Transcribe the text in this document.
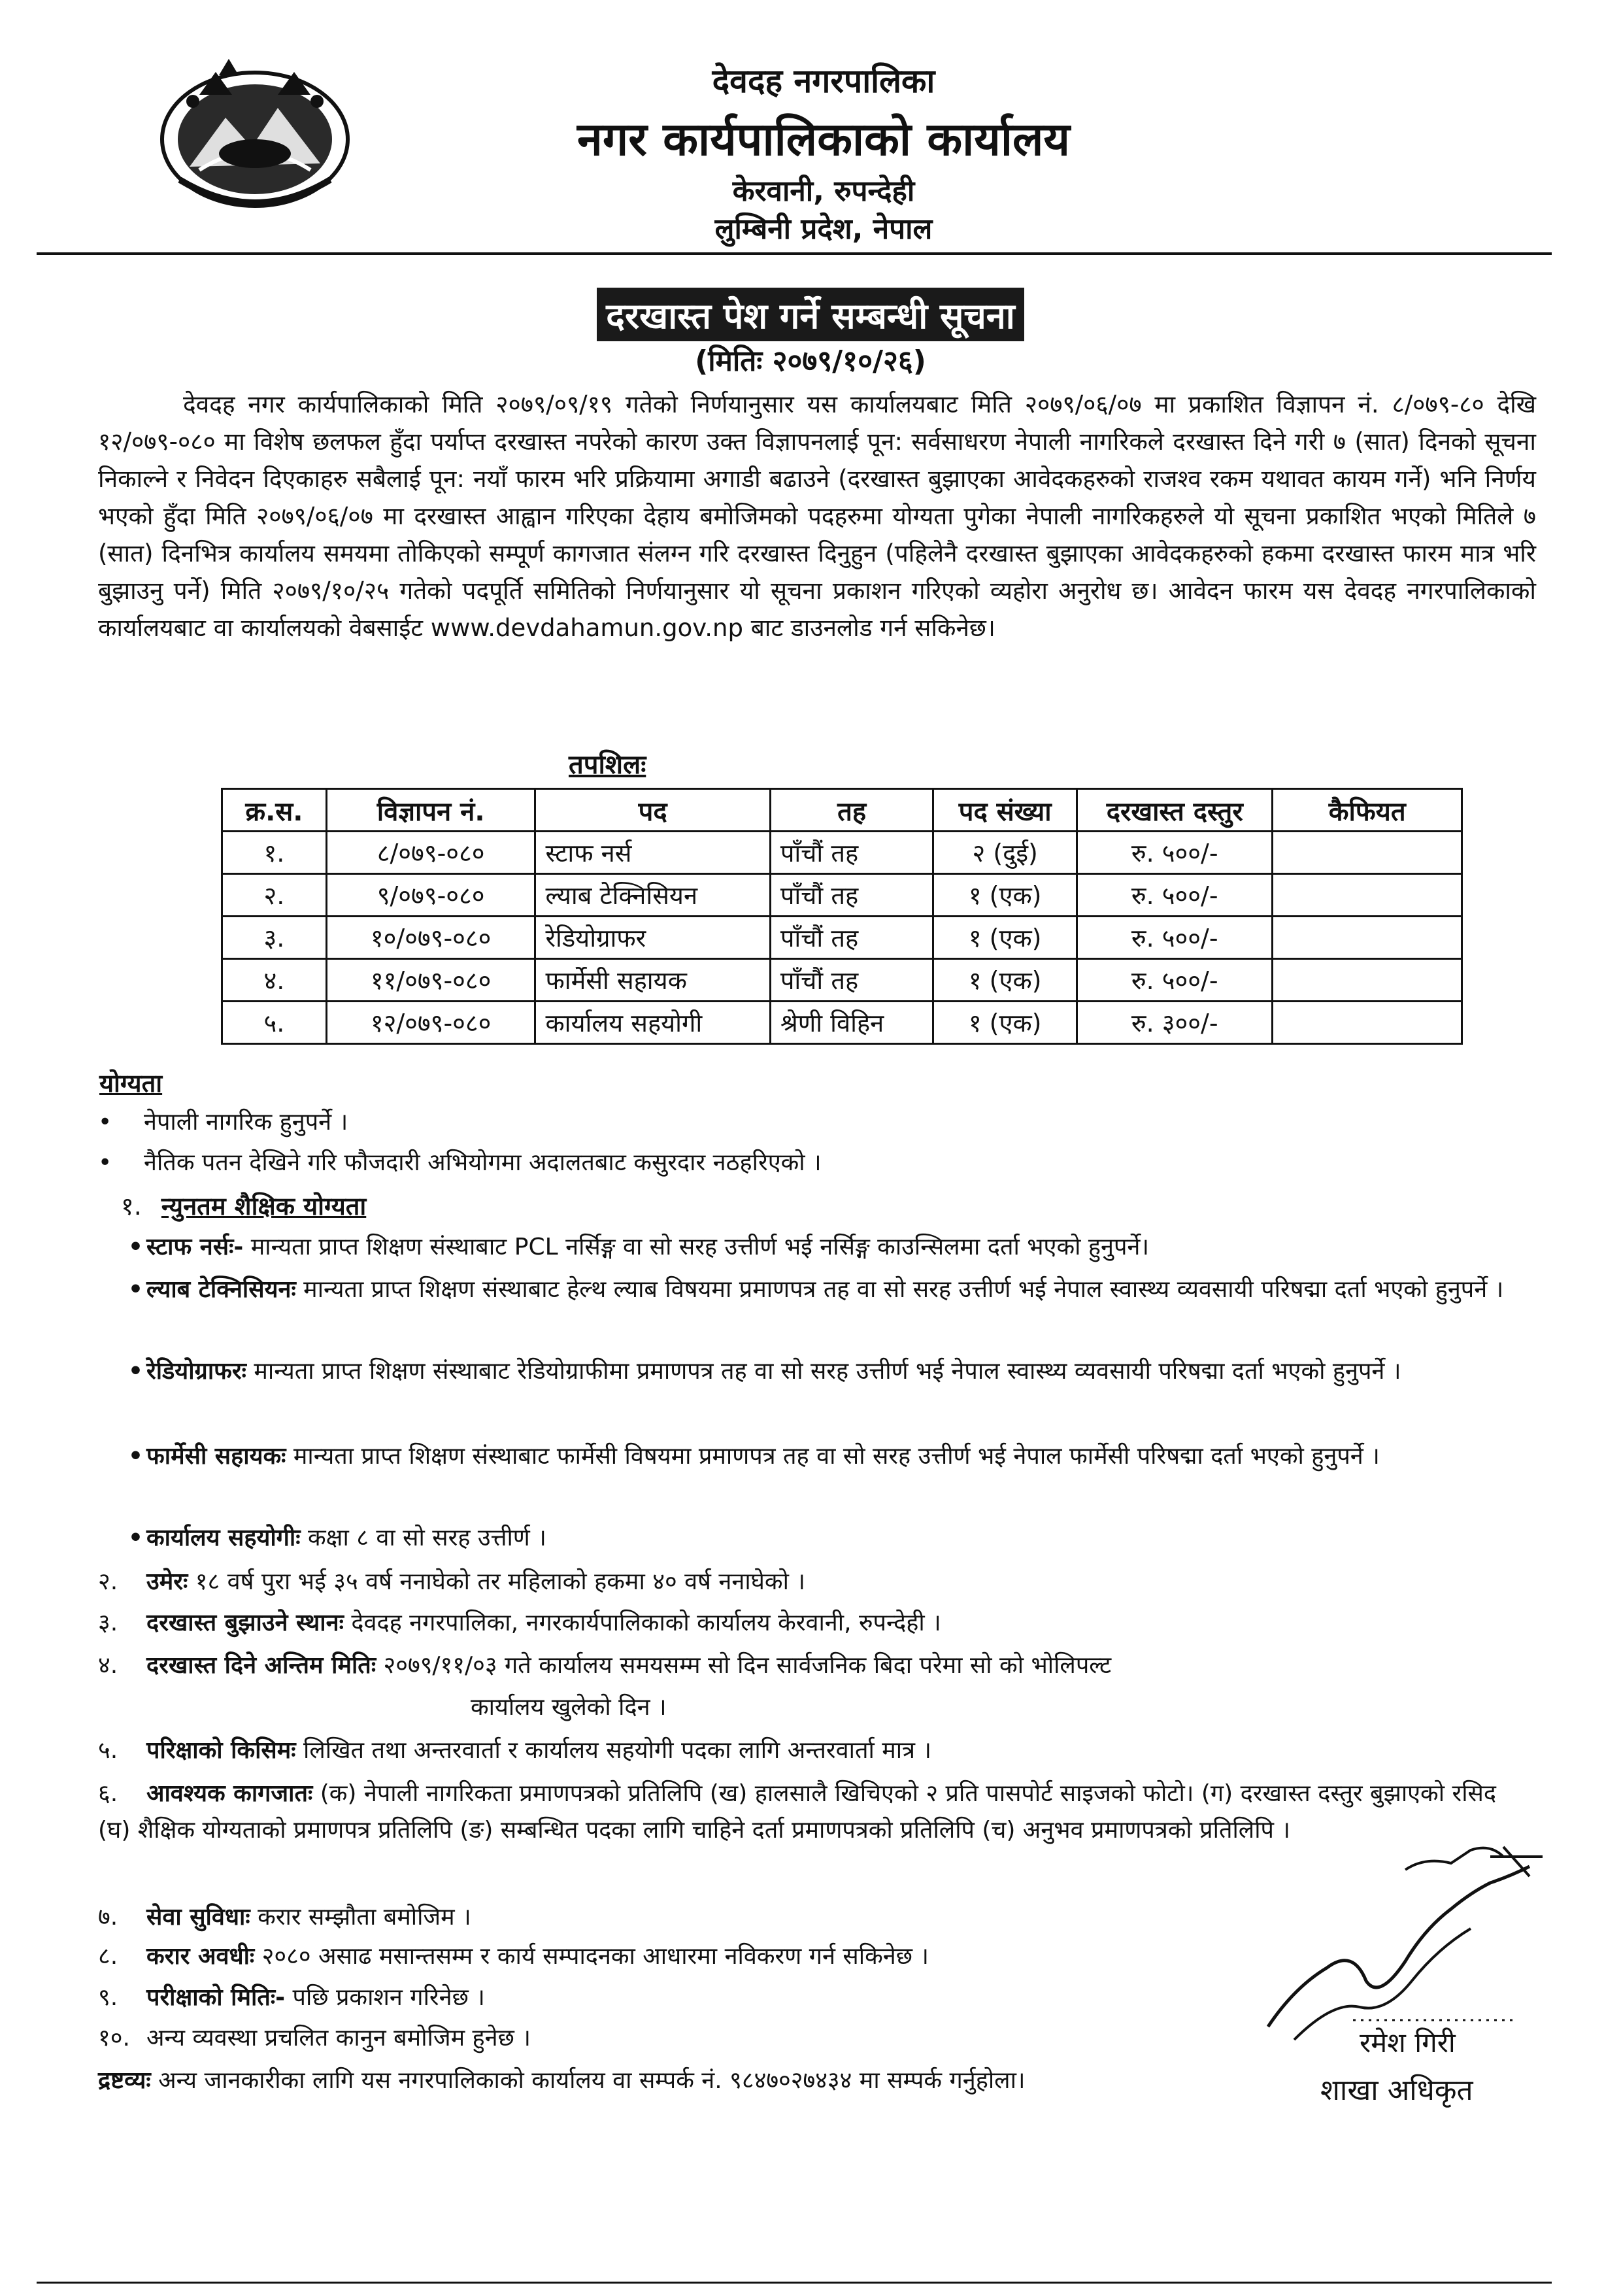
देवदह नगरपालिका
नगर कार्यपालिकाको कार्यालय
केरवानी, रुपन्देही
लुम्बिनी प्रदेश, नेपाल
दरखास्त पेश गर्ने सम्बन्धी सूचना
(मितिः २०७९/१०/२६)
देवदह नगर कार्यपालिकाको मिति २०७९/०९/१९ गतेको निर्णयानुसार यस कार्यालयबाट मिति २०७९/०६/०७ मा प्रकाशित विज्ञापन नं. ८/०७९-८० देखि १२/०७९-०८० मा विशेष छलफल हुँदा पर्याप्त दरखास्त नपरेको कारण उक्त विज्ञापनलाई पून: सर्वसाधरण नेपाली नागरिकले दरखास्त दिने गरी ७ (सात) दिनको सूचना निकाल्ने र निवेदन दिएकाहरु सबैलाई पून: नयाँ फारम भरि प्रक्रियामा अगाडी बढाउने (दरखास्त बुझाएका आवेदकहरुको राजश्व रकम यथावत कायम गर्ने) भनि निर्णय भएको हुँदा मिति २०७९/०६/०७ मा दरखास्त आह्वान गरिएका देहाय बमोजिमको पदहरुमा योग्यता पुगेका नेपाली नागरिकहरुले यो सूचना प्रकाशित भएको मितिले ७ (सात) दिनभित्र कार्यालय समयमा तोकिएको सम्पूर्ण कागजात संलग्न गरि दरखास्त दिनुहुन (पहिलेनै दरखास्त बुझाएका आवेदकहरुको हकमा दरखास्त फारम मात्र भरि बुझाउनु पर्ने) मिति २०७९/१०/२५ गतेको पदपूर्ति समितिको निर्णयानुसार यो सूचना प्रकाशन गरिएको व्यहोरा अनुरोध छ। आवेदन फारम यस देवदह नगरपालिकाको कार्यालयबाट वा कार्यालयको वेबसाईट www.devdahamun.gov.np बाट डाउनलोड गर्न सकिनेछ।
तपशिलः
क्र.स.	विज्ञापन नं.	पद	तह	पद संख्या	दरखास्त दस्तुर	कैफियत
१.	८/०७९-०८०	स्टाफ नर्स	पाँचौं तह	२ (दुई)	रु. ५००/-	
२.	९/०७९-०८०	ल्याब टेक्निसियन	पाँचौं तह	१ (एक)	रु. ५००/-	
३.	१०/०७९-०८०	रेडियोग्राफर	पाँचौं तह	१ (एक)	रु. ५००/-	
४.	११/०७९-०८०	फार्मेसी सहायक	पाँचौं तह	१ (एक)	रु. ५००/-	
५.	१२/०७९-०८०	कार्यालय सहयोगी	श्रेणी विहिन	१ (एक)	रु. ३००/-	
योग्यता
• नेपाली नागरिक हुनुपर्ने ।
• नैतिक पतन देखिने गरि फौजदारी अभियोगमा अदालतबाट कसुरदार नठहरिएको ।
१. न्युनतम शैक्षिक योग्यता
• स्टाफ नर्सः- मान्यता प्राप्त शिक्षण संस्थाबाट PCL नर्सिङ्ग वा सो सरह उत्तीर्ण भई नर्सिङ्ग काउन्सिलमा दर्ता भएको हुनुपर्ने।
• ल्याब टेक्निसियनः मान्यता प्राप्त शिक्षण संस्थाबाट हेल्थ ल्याब विषयमा प्रमाणपत्र तह वा सो सरह उत्तीर्ण भई नेपाल स्वास्थ्य व्यवसायी परिषद्मा दर्ता भएको हुनुपर्ने ।
• रेडियोग्राफरः मान्यता प्राप्त शिक्षण संस्थाबाट रेडियोग्राफीमा प्रमाणपत्र तह वा सो सरह उत्तीर्ण भई नेपाल स्वास्थ्य व्यवसायी परिषद्मा दर्ता भएको हुनुपर्ने ।
• फार्मेसी सहायकः मान्यता प्राप्त शिक्षण संस्थाबाट फार्मेसी विषयमा प्रमाणपत्र तह वा सो सरह उत्तीर्ण भई नेपाल फार्मेसी परिषद्मा दर्ता भएको हुनुपर्ने ।
• कार्यालय सहयोगीः कक्षा ८ वा सो सरह उत्तीर्ण ।
२. उमेरः १८ वर्ष पुरा भई ३५ वर्ष ननाघेको तर महिलाको हकमा ४० वर्ष ननाघेको ।
३. दरखास्त बुझाउने स्थानः देवदह नगरपालिका, नगरकार्यपालिकाको कार्यालय केरवानी, रुपन्देही ।
४. दरखास्त दिने अन्तिम मितिः २०७९/११/०३ गते कार्यालय समयसम्म सो दिन सार्वजनिक बिदा परेमा सो को भोलिपल्ट
कार्यालय खुलेको दिन ।
५. परिक्षाको किसिमः लिखित तथा अन्तरवार्ता र कार्यालय सहयोगी पदका लागि अन्तरवार्ता मात्र ।
६. आवश्यक कागजातः (क) नेपाली नागरिकता प्रमाणपत्रको प्रतिलिपि (ख) हालसालै खिचिएको २ प्रति पासपोर्ट साइजको फोटो। (ग) दरखास्त दस्तुर बुझाएको रसिद (घ) शैक्षिक योग्यताको प्रमाणपत्र प्रतिलिपि (ङ) सम्बन्धित पदका लागि चाहिने दर्ता प्रमाणपत्रको प्रतिलिपि (च) अनुभव प्रमाणपत्रको प्रतिलिपि ।
७. सेवा सुविधाः करार सम्झौता बमोजिम ।
८. करार अवधीः २०८० असाढ मसान्तसम्म र कार्य सम्पादनका आधारमा नविकरण गर्न सकिनेछ ।
९. परीक्षाको मितिः- पछि प्रकाशन गरिनेछ ।
१०. अन्य व्यवस्था प्रचलित कानुन बमोजिम हुनेछ ।
द्रष्टव्यः अन्य जानकारीका लागि यस नगरपालिकाको कार्यालय वा सम्पर्क नं. ९८४७०२७४३४ मा सम्पर्क गर्नुहोला।
रमेश गिरी
शाखा अधिकृत
